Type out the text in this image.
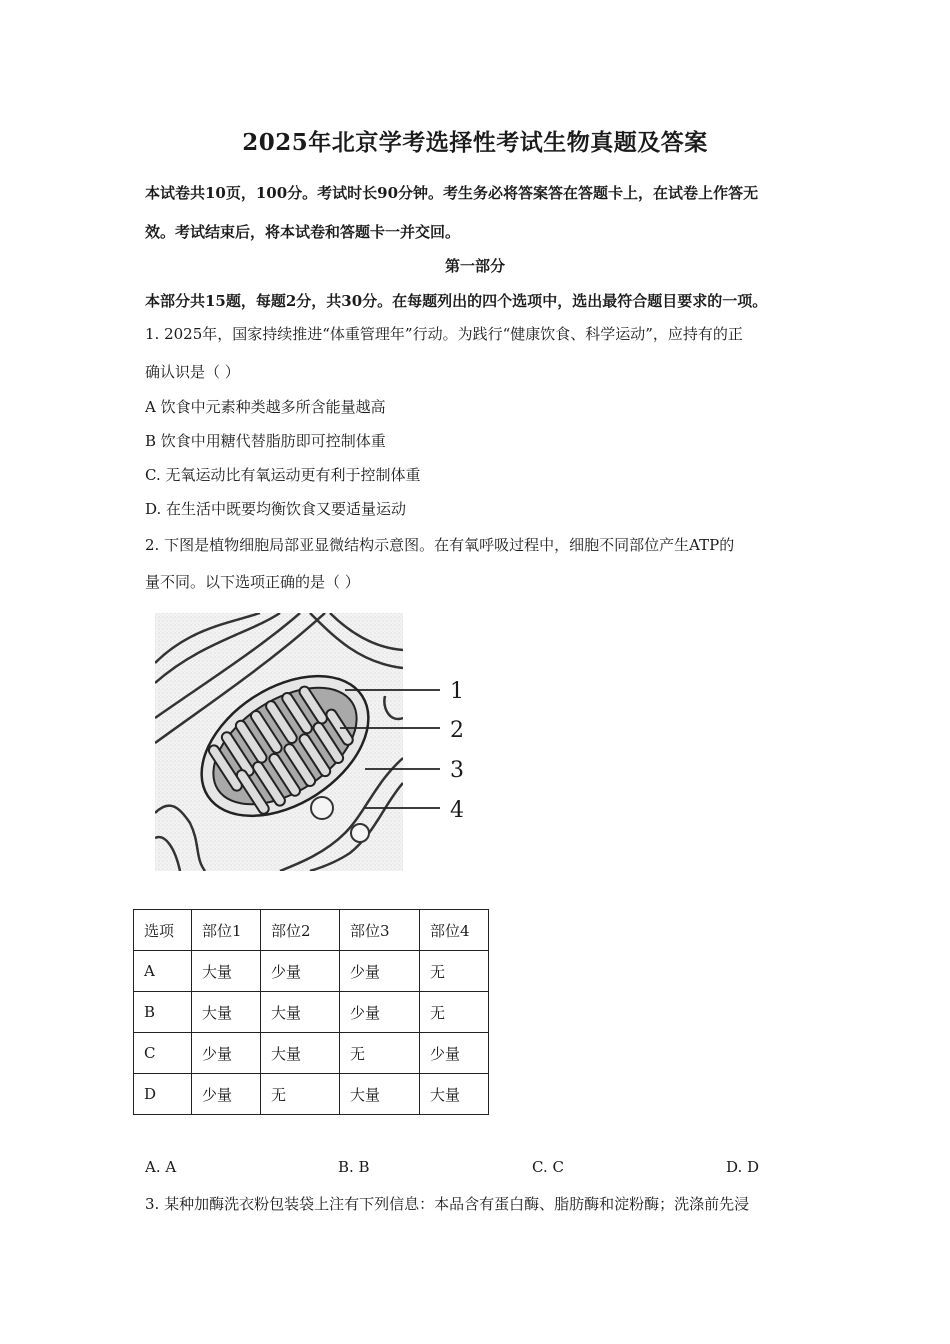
2025年北京学考选择性考试生物真题及答案
本试卷共10页，100分。考试时长90分钟。考生务必将答案答在答题卡上，在试卷上作答无
效。考试结束后，将本试卷和答题卡一并交回。
第一部分
本部分共15题，每题2分，共30分。在每题列出的四个选项中，选出最符合题目要求的一项。
1. 2025年，国家持续推进“体重管理年”行动。为践行“健康饮食、科学运动”，应持有的正
确认识是（ ）
A 饮食中元素种类越多所含能量越高
B 饮食中用糖代替脂肪即可控制体重
C. 无氧运动比有氧运动更有利于控制体重
D. 在生活中既要均衡饮食又要适量运动
2. 下图是植物细胞局部亚显微结构示意图。在有氧呼吸过程中，细胞不同部位产生ATP的
量不同。以下选项正确的是（ ）
1
2
3
4
选项	部位1	部位2	部位3	部位4
A	大量	少量	少量	无
B	大量	大量	少量	无
C	少量	大量	无	少量
D	少量	无	大量	大量
A. A	B. B	C. C	D. D
3. 某种加酶洗衣粉包装袋上注有下列信息：本品含有蛋白酶、脂肪酶和淀粉酶；洗涤前先浸
